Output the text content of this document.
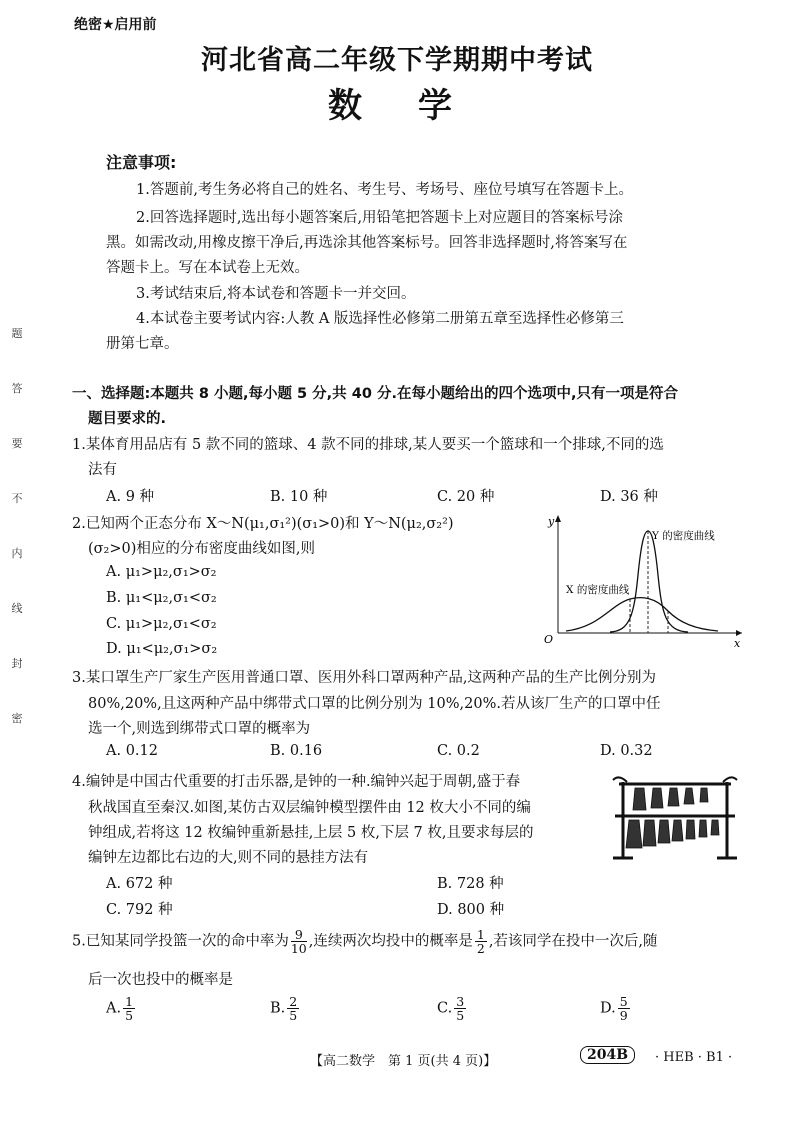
绝密★启用前
河北省高二年级下学期期中考试
数学
注意事项:
1.答题前,考生务必将自己的姓名、考生号、考场号、座位号填写在答题卡上。
2.回答选择题时,选出每小题答案后,用铅笔把答题卡上对应题目的答案标号涂
黑。如需改动,用橡皮擦干净后,再选涂其他答案标号。回答非选择题时,将答案写在
答题卡上。写在本试卷上无效。
3.考试结束后,将本试卷和答题卡一并交回。
4.本试卷主要考试内容:人教 A 版选择性必修第二册第五章至选择性必修第三
册第七章。
一、选择题:本题共 8 小题,每小题 5 分,共 40 分.在每小题给出的四个选项中,只有一项是符合
题目要求的.
1.某体育用品店有 5 款不同的篮球、4 款不同的排球,某人要买一个篮球和一个排球,不同的选
法有
A. 9 种	B. 10 种	C. 20 种	D. 36 种
2.已知两个正态分布 X～N(μ₁,σ₁²)(σ₁>0)和 Y～N(μ₂,σ₂²)
(σ₂>0)相应的分布密度曲线如图,则
A. μ₁>μ₂,σ₁>σ₂
B. μ₁<μ₂,σ₁<σ₂
C. μ₁>μ₂,σ₁<σ₂
D. μ₁<μ₂,σ₁>σ₂
y
x
O
Y 的密度曲线
X 的密度曲线
3.某口罩生产厂家生产医用普通口罩、医用外科口罩两种产品,这两种产品的生产比例分别为
80%,20%,且这两种产品中绑带式口罩的比例分别为 10%,20%.若从该厂生产的口罩中任
选一个,则选到绑带式口罩的概率为
A. 0.12	B. 0.16	C. 0.2	D. 0.32
4.编钟是中国古代重要的打击乐器,是钟的一种.编钟兴起于周朝,盛于春
秋战国直至秦汉.如图,某仿古双层编钟模型摆件由 12 枚大小不同的编
钟组成,若将这 12 枚编钟重新悬挂,上层 5 枚,下层 7 枚,且要求每层的
编钟左边都比右边的大,则不同的悬挂方法有
A. 672 种	B. 728 种
C. 792 种	D. 800 种
5.已知某同学投篮一次的命中率为 $\frac{9}{10}$ ,连续两次均投中的概率是 $\frac{1}{2}$ ,若该同学在投中一次后,随
后一次也投中的概率是
A. $\frac{1}{5}$	B. $\frac{2}{5}$	C. $\frac{3}{5}$	D. $\frac{5}{9}$
题
答
要
不
内
线
封
密
【高二数学　第 1 页(共 4 页)】	204B	· HEB · B1 ·
